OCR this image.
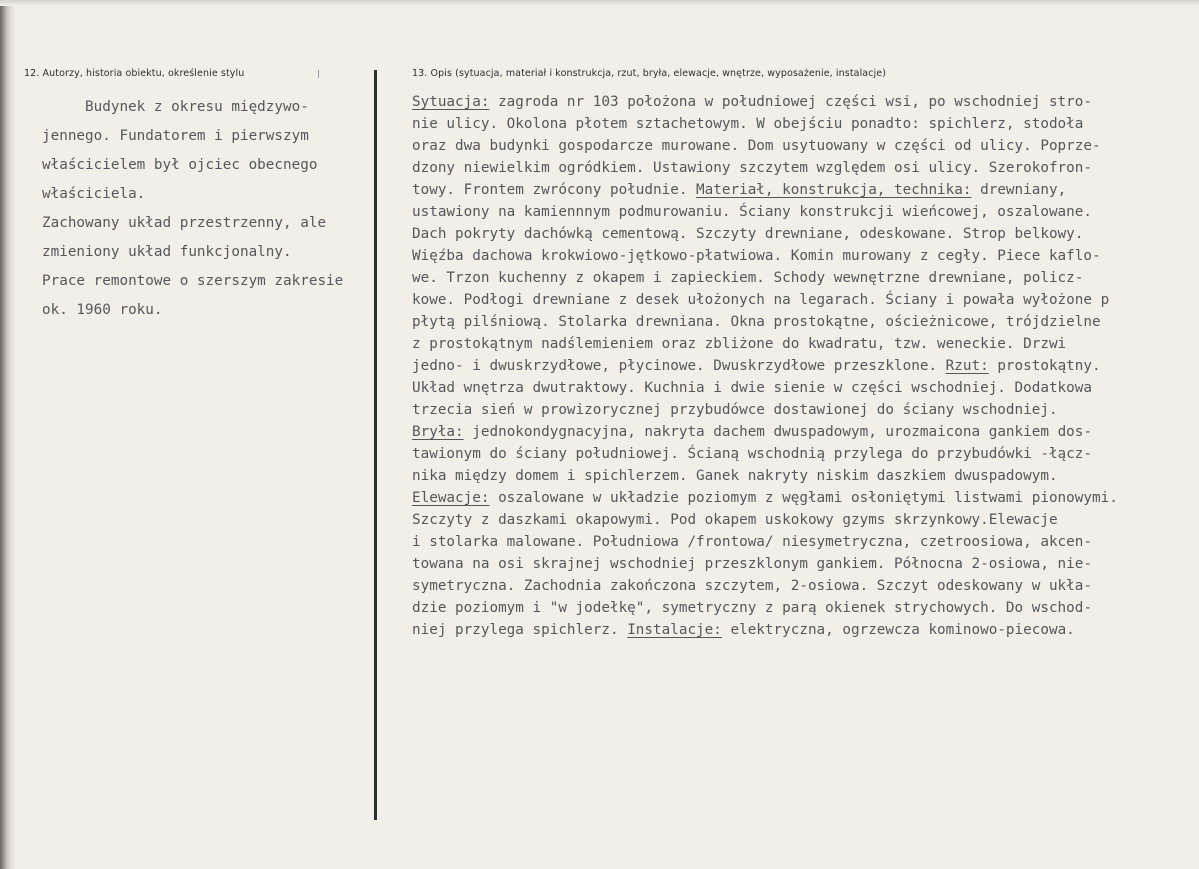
12. Autorzy, historia obiektu, określenie stylu	13. Opis (sytuacja, materiał i konstrukcja, rzut, bryła, elewacje, wnętrze, wyposażenie, instalacje)
Budynek z okresu międzywo-
jennego. Fundatorem i pierwszym
właścicielem był ojciec obecnego
właściciela.
Zachowany układ przestrzenny, ale
zmieniony układ funkcjonalny.
Prace remontowe o szerszym zakresie
ok. 1960 roku.
Sytuacja: zagroda nr 103 położona w południowej części wsi, po wschodniej stro-
nie ulicy. Okolona płotem sztachetowym. W obejściu ponadto: spichlerz, stodoła
oraz dwa budynki gospodarcze murowane. Dom usytuowany w części od ulicy. Poprze-
dzony niewielkim ogródkiem. Ustawiony szczytem względem osi ulicy. Szerokofron-
towy. Frontem zwrócony południe. Materiał, konstrukcja, technika: drewniany,
ustawiony na kamiennnym podmurowaniu. Ściany konstrukcji wieńcowej, oszalowane.
Dach pokryty dachówką cementową. Szczyty drewniane, odeskowane. Strop belkowy.
Więźba dachowa krokwiowo-jętkowo-płatwiowa. Komin murowany z cegły. Piece kaflo-
we. Trzon kuchenny z okapem i zapieckiem. Schody wewnętrzne drewniane, policz-
kowe. Podłogi drewniane z desek ułożonych na legarach. Ściany i powała wyłożone p
płytą pilśniową. Stolarka drewniana. Okna prostokątne, ościeżnicowe, trójdzielne
z prostokątnym nadślemieniem oraz zbliżone do kwadratu, tzw. weneckie. Drzwi
jedno- i dwuskrzydłowe, płycinowe. Dwuskrzydłowe przeszklone. Rzut: prostokątny.
Układ wnętrza dwutraktowy. Kuchnia i dwie sienie w części wschodniej. Dodatkowa
trzecia sień w prowizorycznej przybudówce dostawionej do ściany wschodniej.
Bryła: jednokondygnacyjna, nakryta dachem dwuspadowym, urozmaicona gankiem dos-
tawionym do ściany południowej. Ścianą wschodnią przylega do przybudówki -łącz-
nika między domem i spichlerzem. Ganek nakryty niskim daszkiem dwuspadowym.
Elewacje: oszalowane w układzie poziomym z węgłami osłoniętymi listwami pionowymi.
Szczyty z daszkami okapowymi. Pod okapem uskokowy gzyms skrzynkowy.Elewacje
i stolarka malowane. Południowa /frontowa/ niesymetryczna, czetroosiowa, akcen-
towana na osi skrajnej wschodniej przeszklonym gankiem. Północna 2-osiowa, nie-
symetryczna. Zachodnia zakończona szczytem, 2-osiowa. Szczyt odeskowany w ukła-
dzie poziomym i "w jodełkę", symetryczny z parą okienek strychowych. Do wschod-
niej przylega spichlerz. Instalacje: elektryczna, ogrzewcza kominowo-piecowa.
